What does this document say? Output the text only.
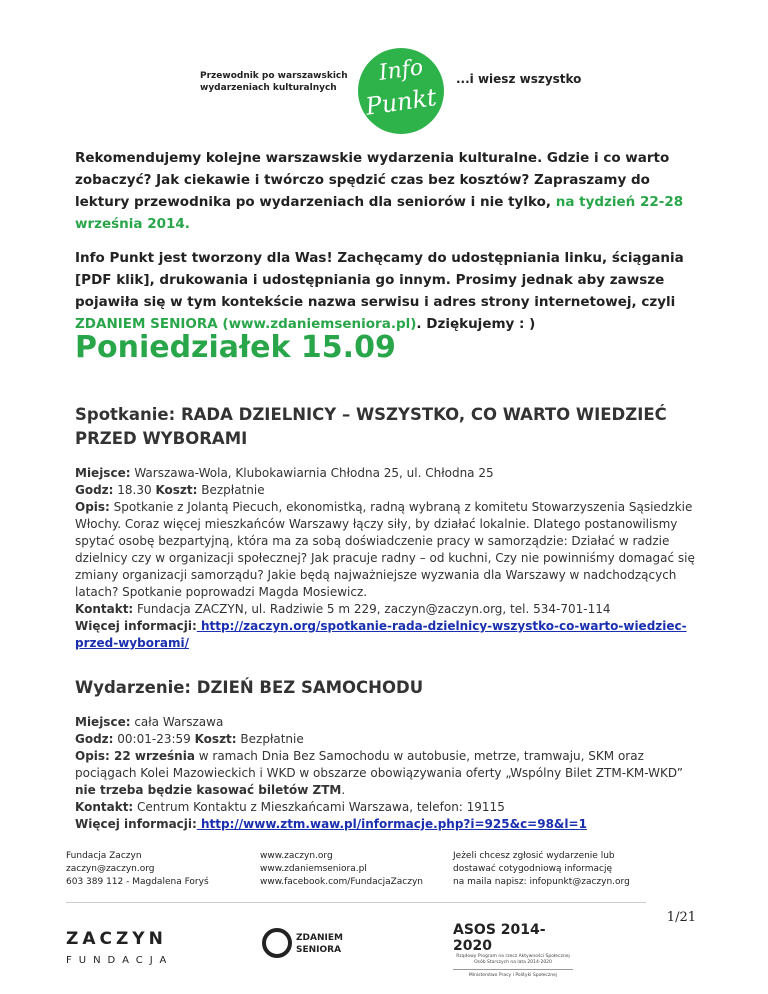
Przewodnik po warszawskich
wydarzeniach kulturalnych
Info
Punkt
...i wiesz wszystko

Rekomendujemy kolejne warszawskie wydarzenia kulturalne. Gdzie i co warto zobaczyć? Jak ciekawie i twórczo spędzić czas bez kosztów? Zapraszamy do lektury przewodnika po wydarzeniach dla seniorów i nie tylko, na tydzień 22-28 września 2014.

Info Punkt jest tworzony dla Was! Zachęcamy do udostępniania linku, ściągania [PDF klik], drukowania i udostępniania go innym. Prosimy jednak aby zawsze pojawiła się w tym kontekście nazwa serwisu i adres strony internetowej, czyli ZDANIEM SENIORA (www.zdaniemseniora.pl). Dziękujemy : )

Poniedziałek 15.09
Spotkanie: RADA DZIELNICY – WSZYSTKO, CO WARTO WIEDZIEĆ PRZED WYBORAMI
Miejsce: Warszawa-Wola, Klubokawiarnia Chłodna 25, ul. Chłodna 25
Godz: 18.30 Koszt: Bezpłatnie
Opis: Spotkanie z Jolantą Piecuch, ekonomistką, radną wybraną z komitetu Stowarzyszenia Sąsiedzkie Włochy. Coraz więcej mieszkańców Warszawy łączy siły, by działać lokalnie. Dlatego postanowilismy spytać osobę bezpartyjną, która ma za sobą doświadczenie pracy w samorządzie: Działać w radzie dzielnicy czy w organizacji społecznej? Jak pracuje radny – od kuchni, Czy nie powinniśmy domagać się zmiany organizacji samorządu? Jakie będą najważniejsze wyzwania dla Warszawy w nadchodzących latach? Spotkanie poprowadzi Magda Mosiewicz.
Kontakt: Fundacja ZACZYN, ul. Radziwie 5 m 229, zaczyn@zaczyn.org, tel. 534-701-114
Więcej informacji: http://zaczyn.org/spotkanie-rada-dzielnicy-wszystko-co-warto-wiedziec-przed-wyborami/
Wydarzenie: DZIEŃ BEZ SAMOCHODU
Miejsce: cała Warszawa
Godz: 00:01-23:59 Koszt: Bezpłatnie
Opis: 22 września w ramach Dnia Bez Samochodu w autobusie, metrze, tramwaju, SKM oraz pociągach Kolei Mazowieckich i WKD w obszarze obowiązywania oferty „Wspólny Bilet ZTM-KM-WKD” nie trzeba będzie kasować biletów ZTM.
Kontakt: Centrum Kontaktu z Mieszkańcami Warszawa, telefon: 19115
Więcej informacji: http://www.ztm.waw.pl/informacje.php?i=925&c=98&l=1
Fundacja Zaczyn
zaczyn@zaczyn.org
603 389 112 - Magdalena Foryś
www.zaczyn.org
www.zdaniemseniora.pl
www.facebook.com/FundacjaZaczyn
Jeżeli chcesz zgłosić wydarzenie lub
dostawać cotygodniową informację
na maila napisz: infopunkt@zaczyn.org
1/21
ZACZYN
FUNDACJA
ZDANIEM
SENIORA
ASOS 2014-2020
Rządowy Program na rzecz Aktywności Społecznej Osób Starszych na lata 2014-2020
Ministerstwo Pracy i Polityki Społecznej
